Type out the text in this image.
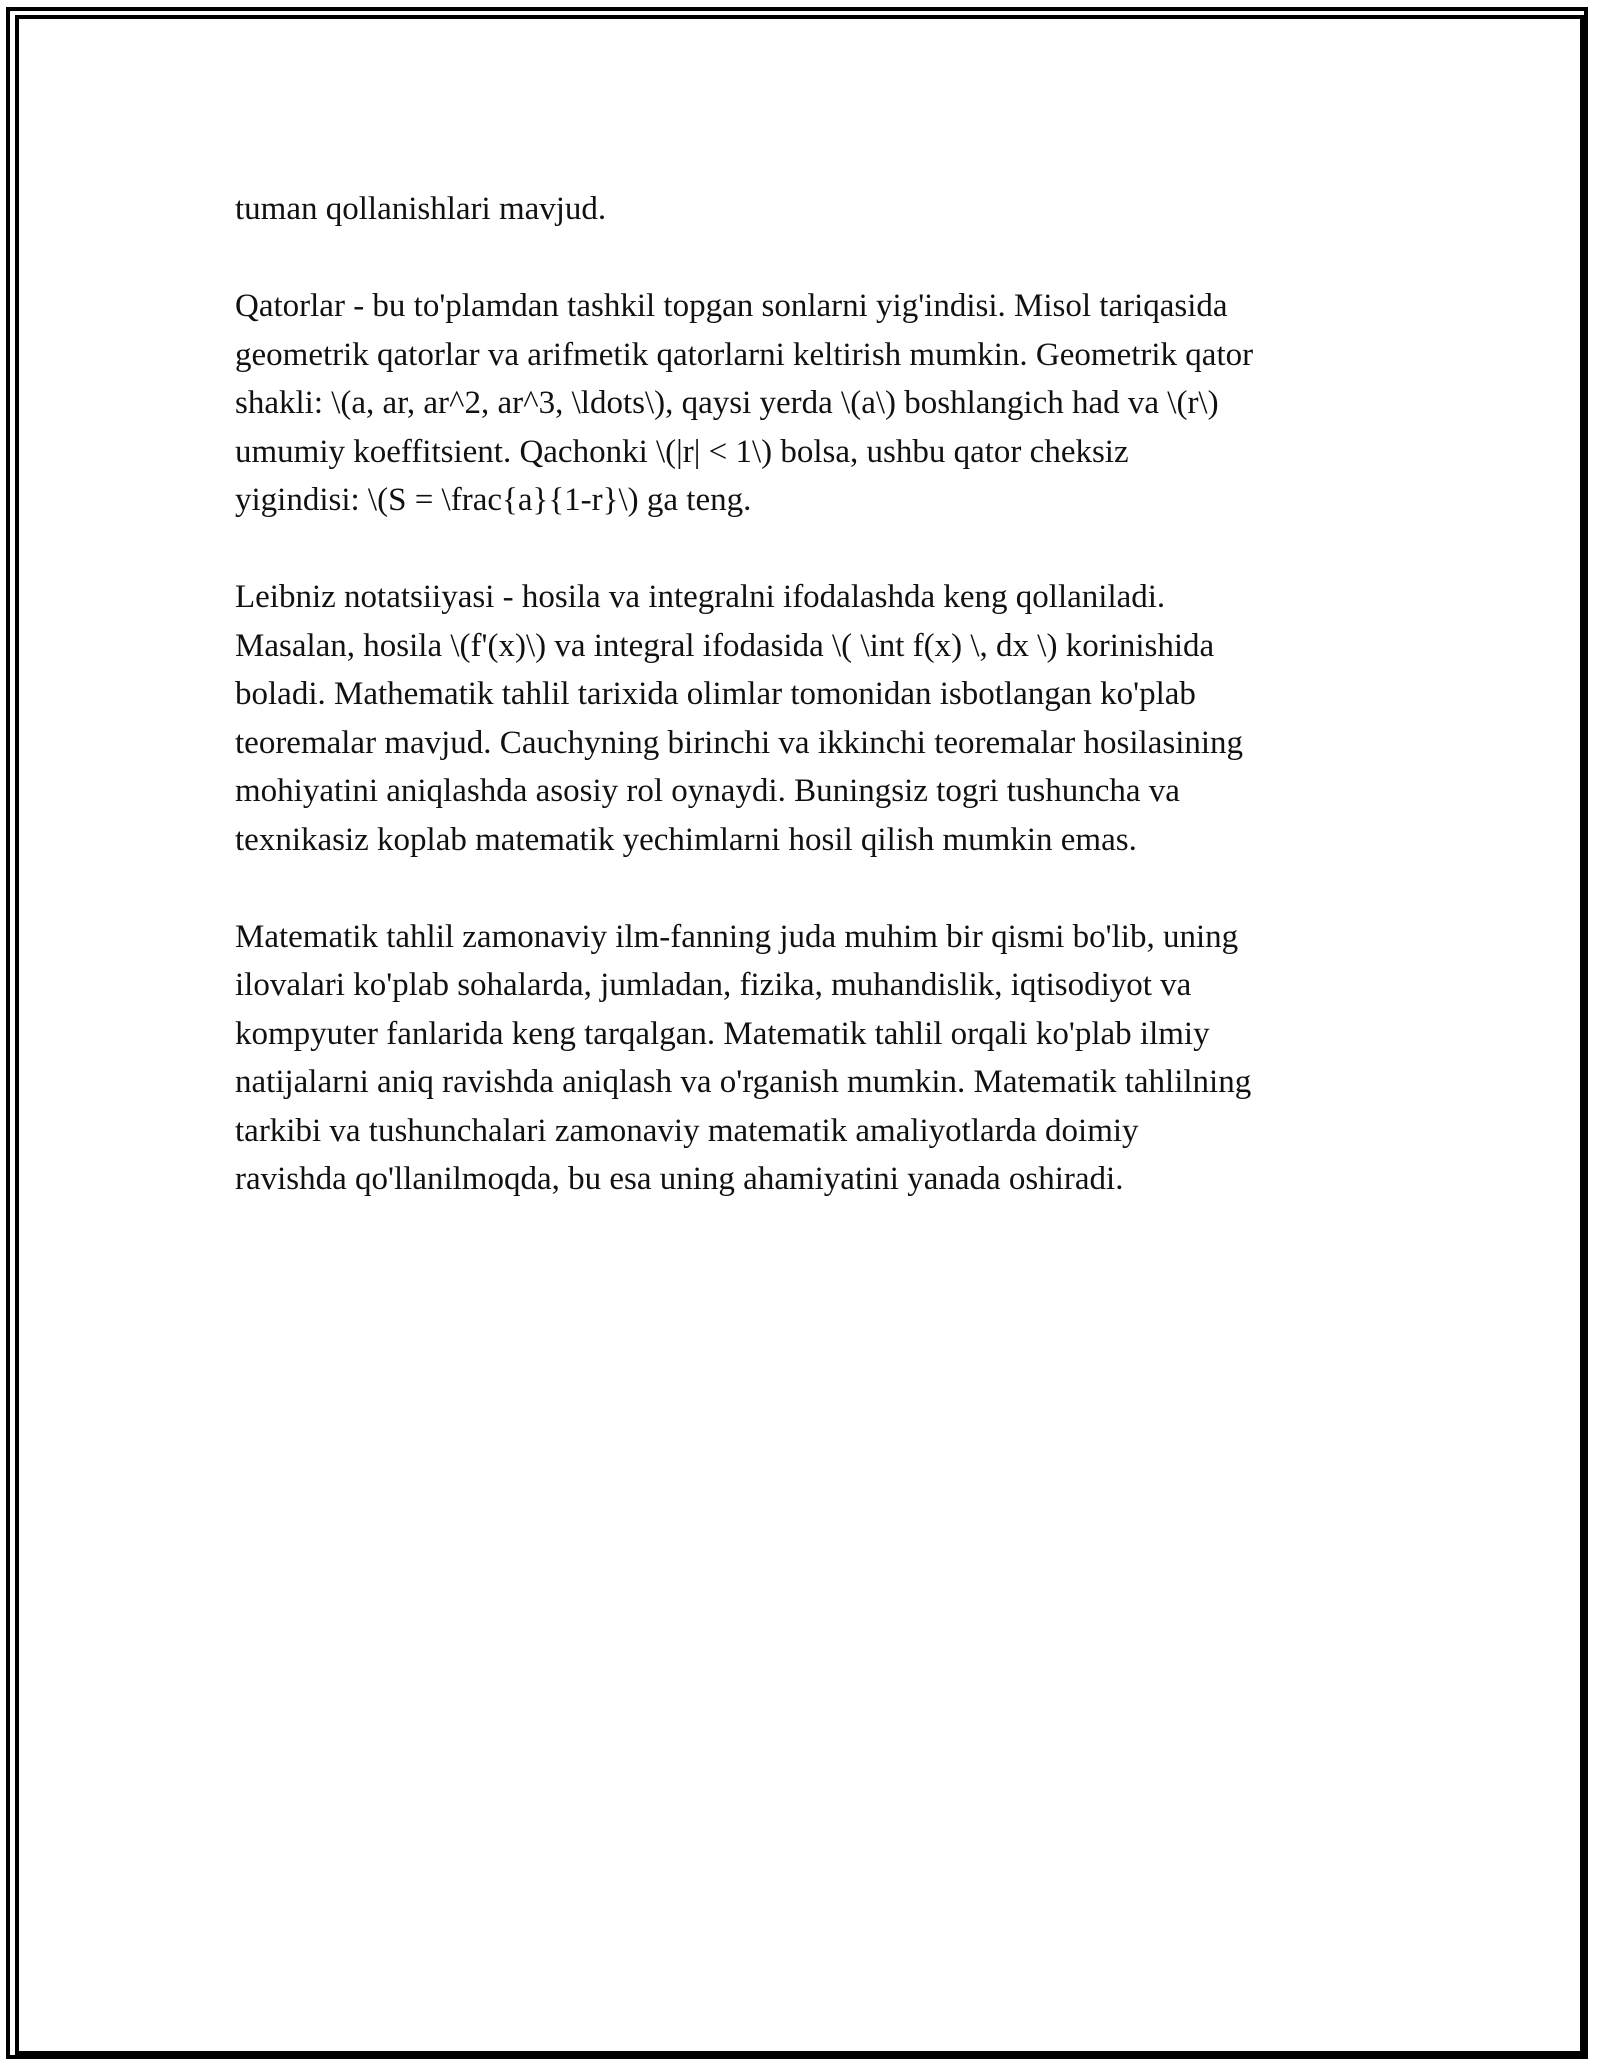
tuman qollanishlari mavjud.

Qatorlar - bu to'plamdan tashkil topgan sonlarni yig'indisi. Misol tariqasida
geometrik qatorlar va arifmetik qatorlarni keltirish mumkin. Geometrik qator
shakli: \(a, ar, ar^2, ar^3, \ldots\), qaysi yerda \(a\) boshlangich had va \(r\)
umumiy koeffitsient. Qachonki \(|r| < 1\) bolsa, ushbu qator cheksiz
yigindisi: \(S = \frac{a}{1-r}\) ga teng.

Leibniz notatsiiyasi - hosila va integralni ifodalashda keng qollaniladi.
Masalan, hosila \(f'(x)\) va integral ifodasida \( \int f(x) \, dx \) korinishida
boladi. Mathematik tahlil tarixida olimlar tomonidan isbotlangan ko'plab
teoremalar mavjud. Cauchyning birinchi va ikkinchi teoremalar hosilasining
mohiyatini aniqlashda asosiy rol oynaydi. Buningsiz togri tushuncha va
texnikasiz koplab matematik yechimlarni hosil qilish mumkin emas.

Matematik tahlil zamonaviy ilm-fanning juda muhim bir qismi bo'lib, uning
ilovalari ko'plab sohalarda, jumladan, fizika, muhandislik, iqtisodiyot va
kompyuter fanlarida keng tarqalgan. Matematik tahlil orqali ko'plab ilmiy
natijalarni aniq ravishda aniqlash va o'rganish mumkin. Matematik tahlilning
tarkibi va tushunchalari zamonaviy matematik amaliyotlarda doimiy
ravishda qo'llanilmoqda, bu esa uning ahamiyatini yanada oshiradi.
